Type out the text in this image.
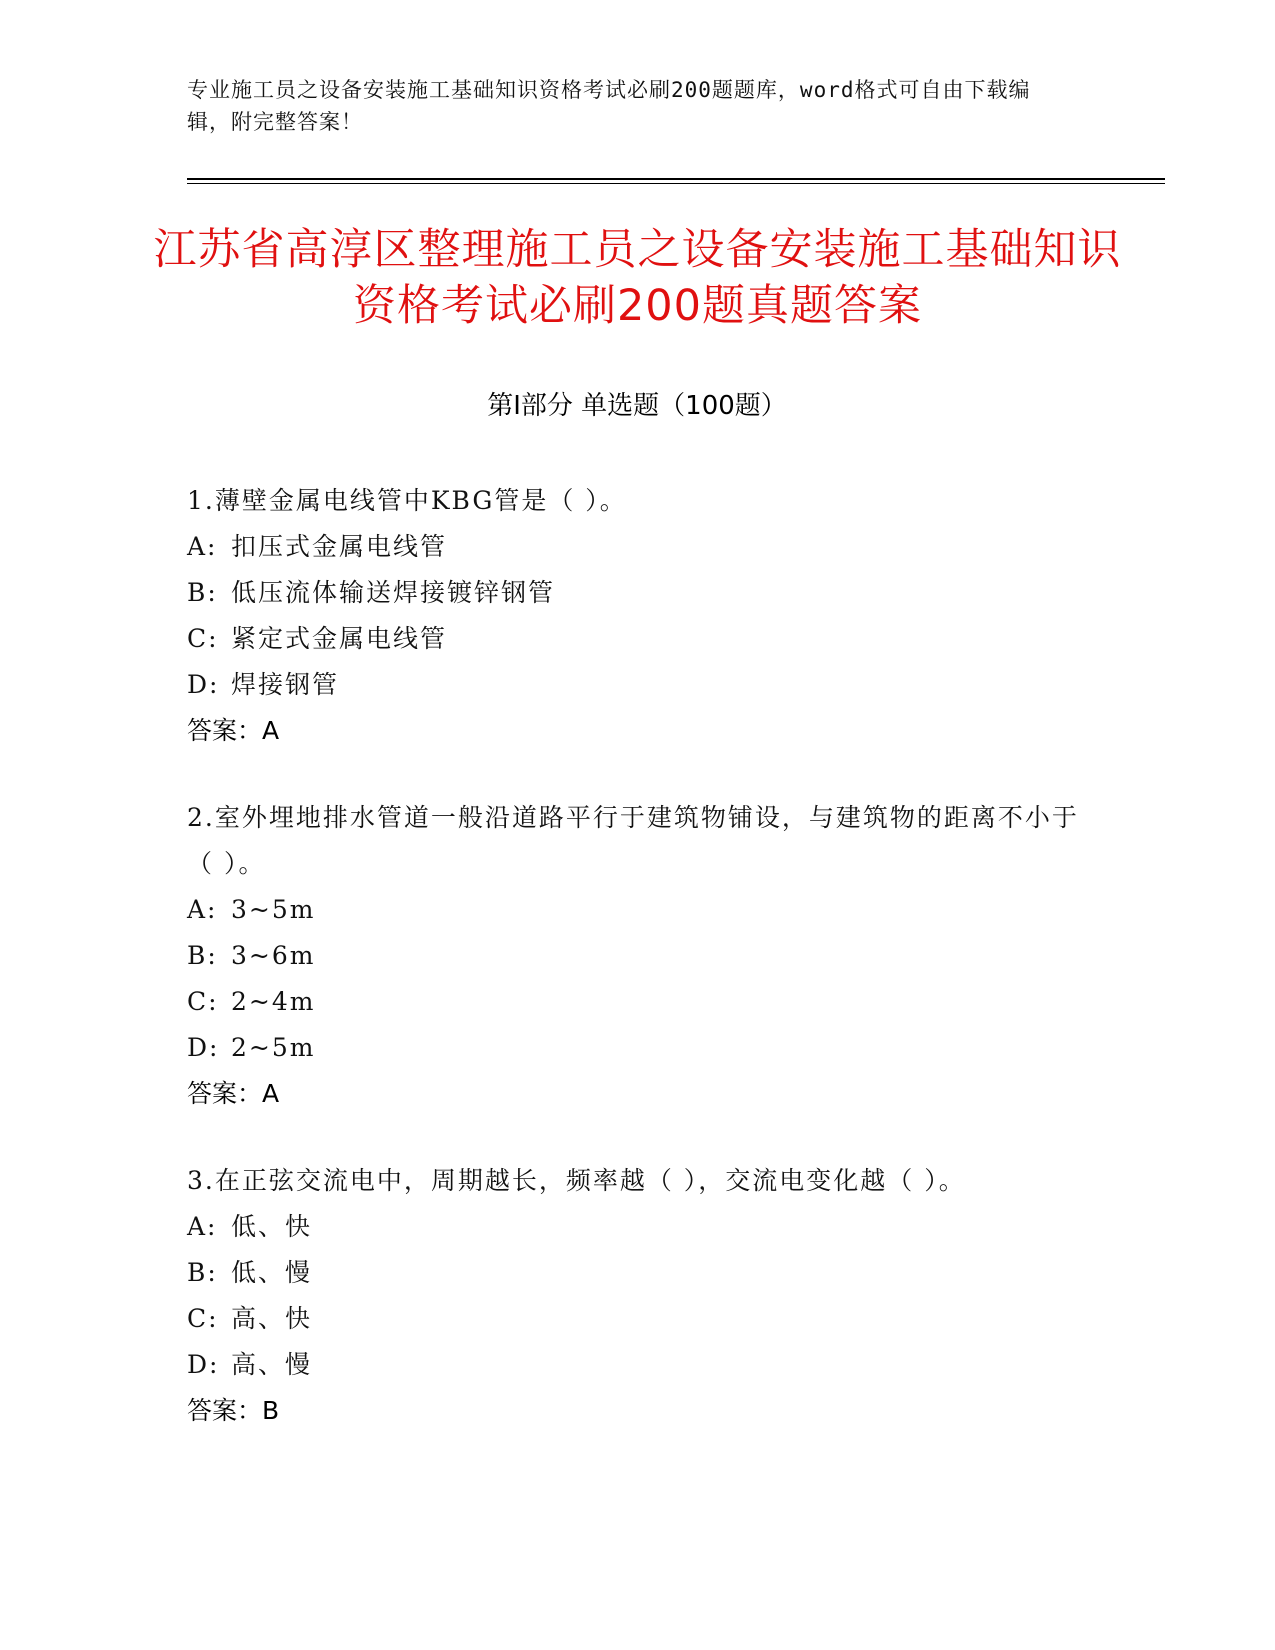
专业施工员之设备安装施工基础知识资格考试必刷200题题库，word格式可自由下载编辑，附完整答案！
江苏省高淳区整理施工员之设备安装施工基础知识资格考试必刷200题真题答案
第Ⅰ部分 单选题（100题）
1.薄壁金属电线管中KBG管是（ ）。
A: 扣压式金属电线管
B: 低压流体输送焊接镀锌钢管
C: 紧定式金属电线管
D: 焊接钢管
答案：A
2.室外埋地排水管道一般沿道路平行于建筑物铺设，与建筑物的距离不小于（ ）。
A: 3~5m
B: 3~6m
C: 2~4m
D: 2~5m
答案：A
3.在正弦交流电中，周期越长，频率越（ ），交流电变化越（ ）。
A: 低、快
B: 低、慢
C: 高、快
D: 高、慢
答案：B
